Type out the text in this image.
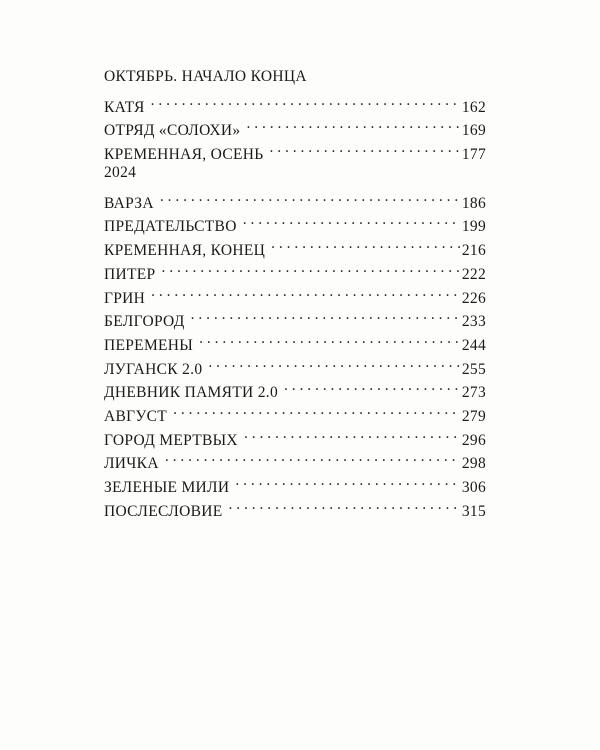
ОКТЯБРЬ. НАЧАЛО КОНЦА
КАТЯ . . .	162
ОТРЯД «СОЛОХИ» . . .	169
КРЕМЕННАЯ, ОСЕНЬ . . .	177
2024
ВАРЗА . . .	186
ПРЕДАТЕЛЬСТВО . . .	199
КРЕМЕННАЯ, КОНЕЦ . . .	216
ПИТЕР . . .	222
ГРИН . . .	226
БЕЛГОРОД . . .	233
ПЕРЕМЕНЫ . . .	244
ЛУГАНСК 2.0 . . .	255
ДНЕВНИК ПАМЯТИ 2.0 . . .	273
АВГУСТ . . .	279
ГОРОД МЕРТВЫХ . . .	296
ЛИЧКА . . .	298
ЗЕЛЕНЫЕ МИЛИ . . .	306
ПОСЛЕСЛОВИЕ . . .	315
